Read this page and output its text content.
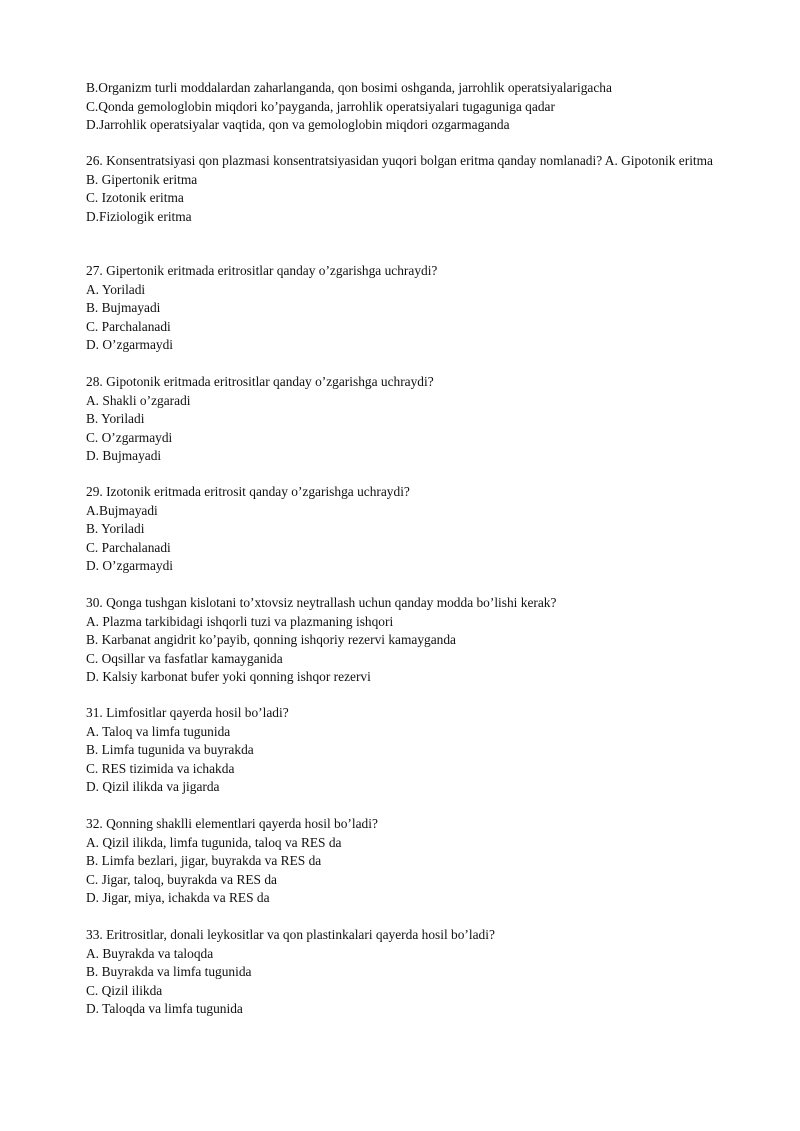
B.Organizm turli moddalardan zaharlanganda, qon bosimi oshganda, jarrohlik operatsiyalarigacha
C.Qonda gemologlobin miqdori ko’payganda, jarrohlik operatsiyalari tugaguniga qadar
D.Jarrohlik operatsiyalar vaqtida, qon va gemologlobin miqdori ozgarmaganda
26. Konsentratsiyasi qon plazmasi konsentratsiyasidan yuqori bolgan eritma qanday nomlanadi? A. Gipotonik eritma
B. Gipertonik eritma
C. Izotonik eritma
D.Fiziologik eritma
27. Gipertonik eritmada eritrositlar qanday o’zgarishga uchraydi?
A. Yoriladi
B. Bujmayadi
C. Parchalanadi
D. O’zgarmaydi
28. Gipotonik eritmada eritrositlar qanday o’zgarishga uchraydi?
A. Shakli o’zgaradi
B. Yoriladi
C. O’zgarmaydi
D. Bujmayadi
29. Izotonik eritmada eritrosit qanday o’zgarishga uchraydi?
A.Bujmayadi
B. Yoriladi
C. Parchalanadi
D. O’zgarmaydi
30. Qonga tushgan kislotani to’xtovsiz neytrallash uchun qanday modda bo’lishi kerak?
A. Plazma tarkibidagi ishqorli tuzi va plazmaning ishqori
B. Karbanat angidrit ko’payib, qonning ishqoriy rezervi kamayganda
C. Oqsillar va fasfatlar kamayganida
D. Kalsiy karbonat bufer yoki qonning ishqor rezervi
31. Limfositlar qayerda hosil bo’ladi?
A. Taloq va limfa tugunida
B. Limfa tugunida va buyrakda
C. RES tizimida va ichakda
D. Qizil ilikda va jigarda
32. Qonning shaklli elementlari qayerda hosil bo’ladi?
A. Qizil ilikda, limfa tugunida, taloq va RES da
B. Limfa bezlari, jigar, buyrakda va RES da
C. Jigar, taloq, buyrakda va RES da
D. Jigar, miya, ichakda va RES da
33. Eritrositlar, donali leykositlar va qon plastinkalari qayerda hosil bo’ladi?
A. Buyrakda va taloqda
B. Buyrakda va limfa tugunida
C. Qizil ilikda
D. Taloqda va limfa tugunida
